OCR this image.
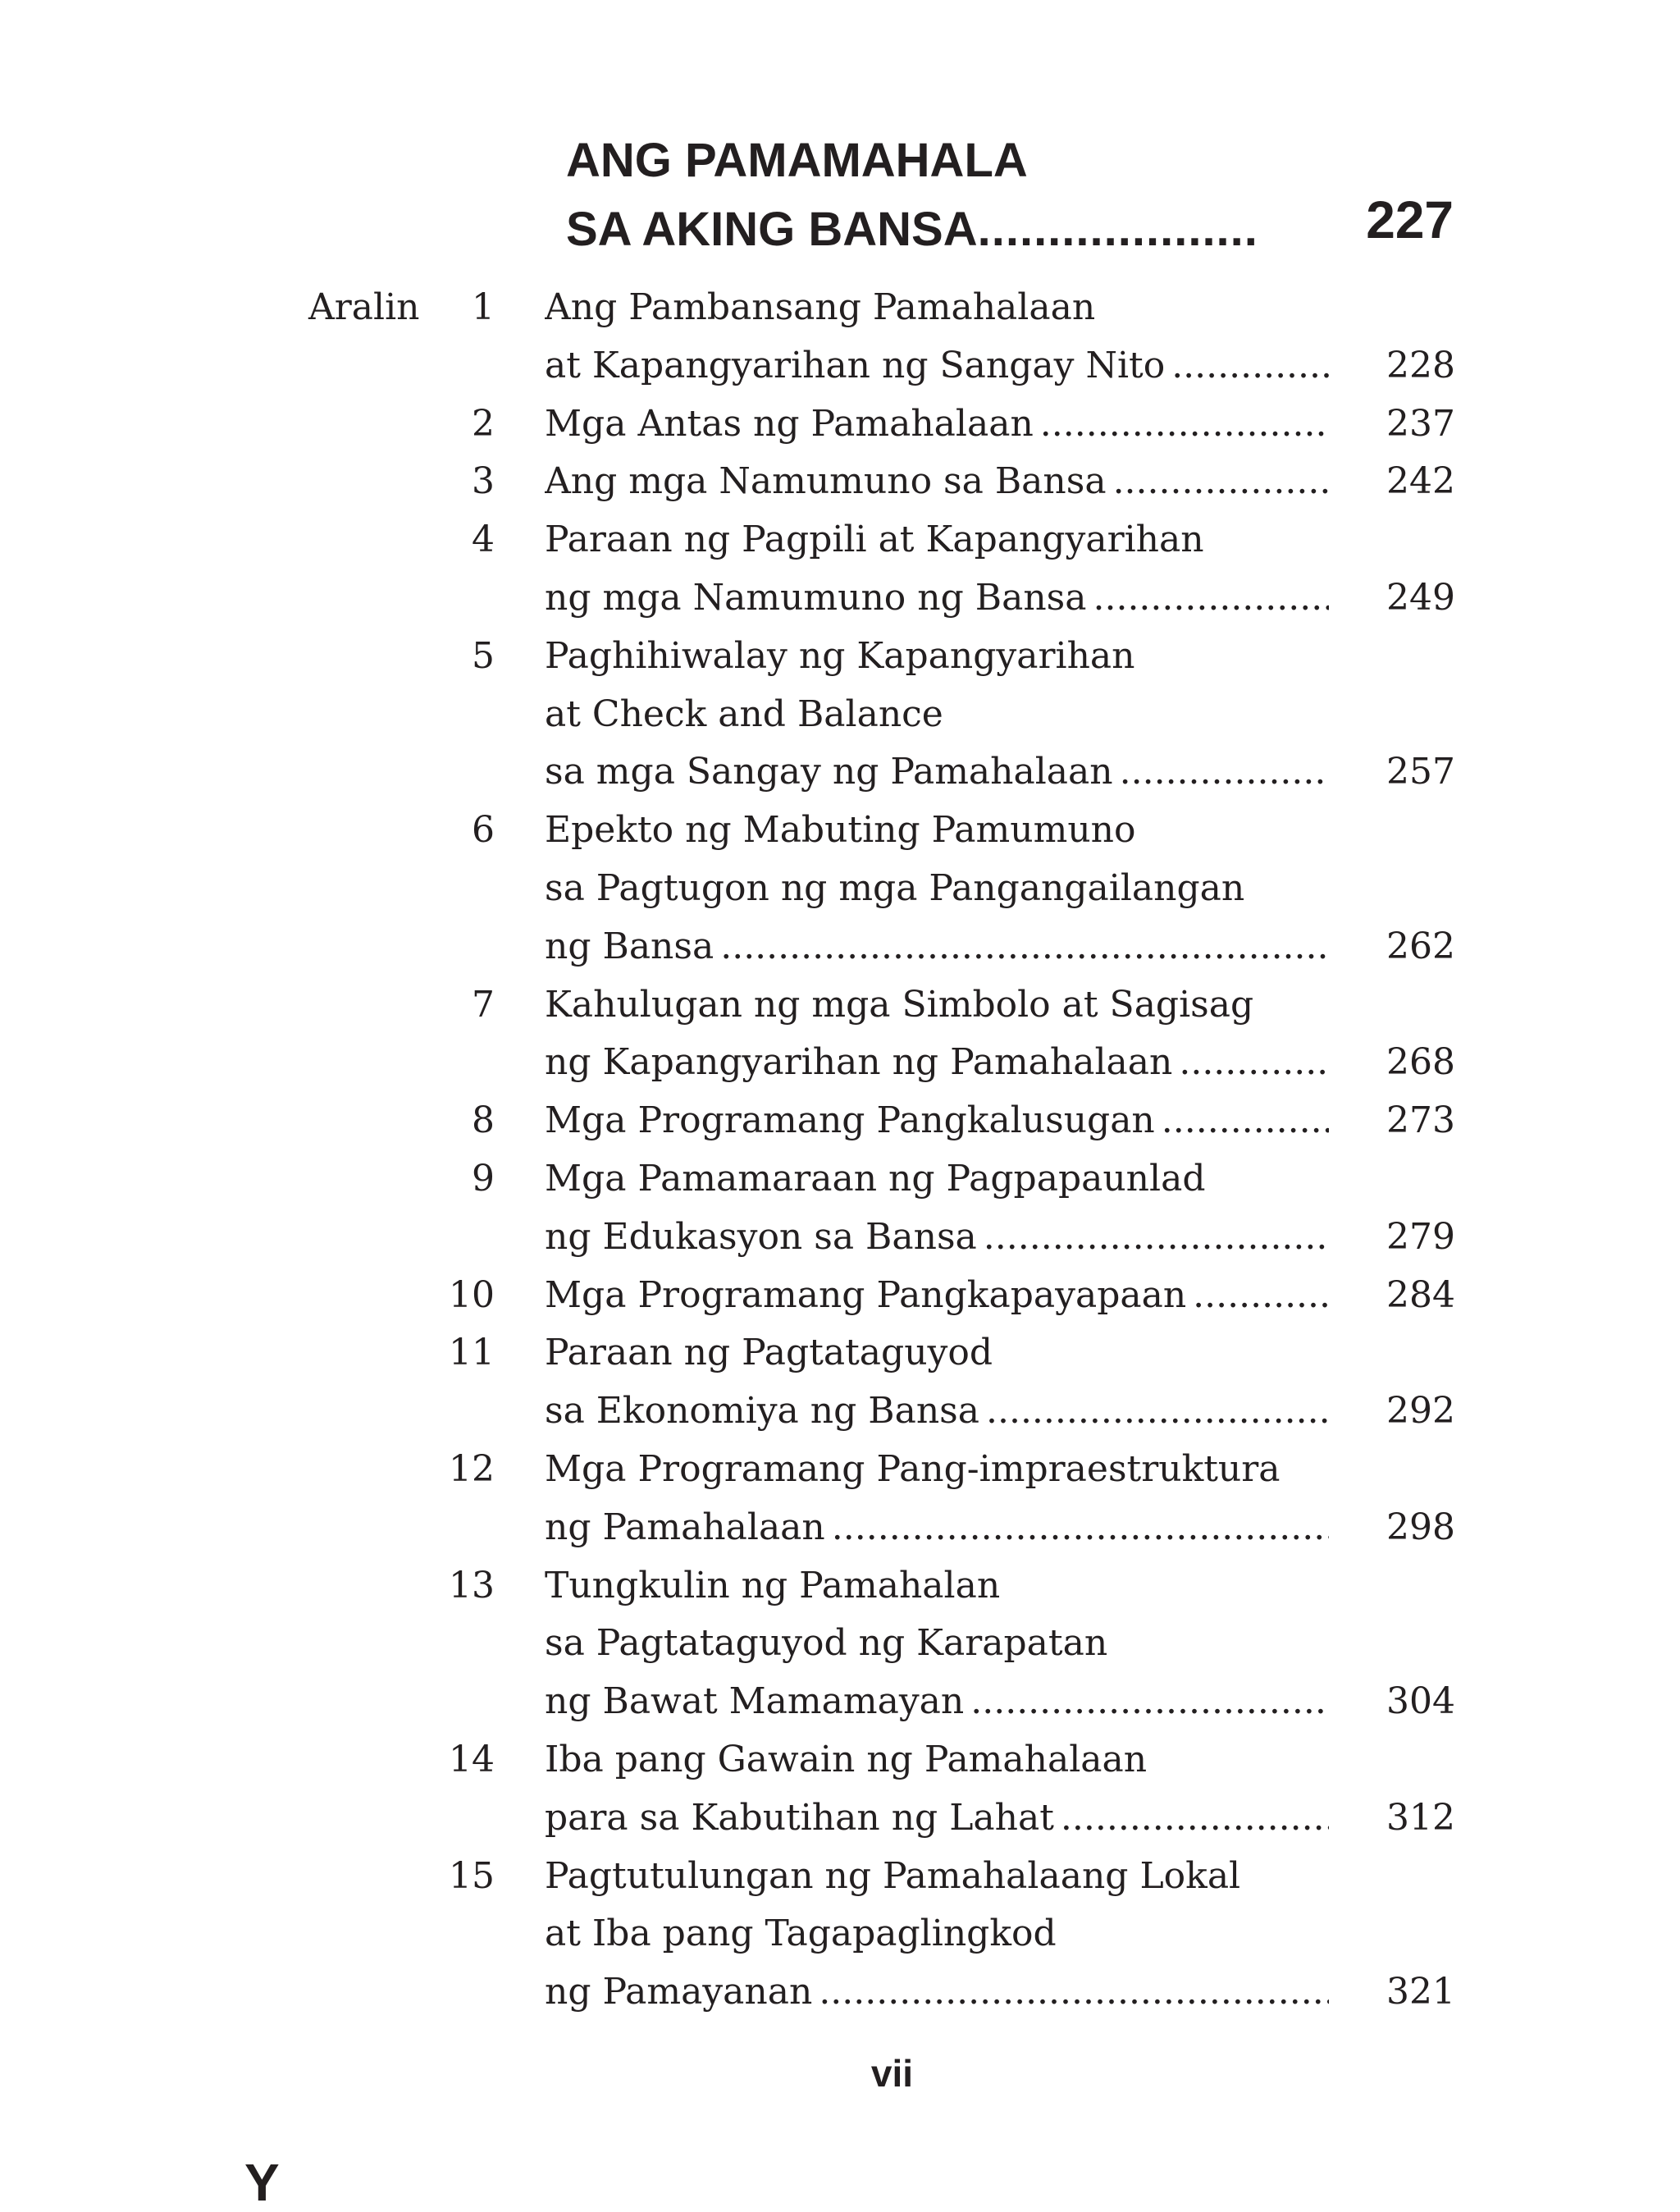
ANG PAMAMAHALA
SA AKING BANSA.................... 227
Aralin 1 Ang Pambansang Pamahalaan
at Kapangyarihan ng Sangay Nito .....	228
2 Mga Antas ng Pamahalaan .....	237
3 Ang mga Namumuno sa Bansa .....	242
4 Paraan ng Pagpili at Kapangyarihan
ng mga Namumuno ng Bansa .....	249
5 Paghihiwalay ng Kapangyarihan
at Check and Balance
sa mga Sangay ng Pamahalaan .....	257
6 Epekto ng Mabuting Pamumuno
sa Pagtugon ng mga Pangangailangan
ng Bansa .....	262
7 Kahulugan ng mga Simbolo at Sagisag
ng Kapangyarihan ng Pamahalaan .....	268
8 Mga Programang Pangkalusugan .....	273
9 Mga Pamamaraan ng Pagpapaunlad
ng Edukasyon sa Bansa .....	279
10 Mga Programang Pangkapayapaan .....	284
11 Paraan ng Pagtataguyod
sa Ekonomiya ng Bansa .....	292
12 Mga Programang Pang-impraestruktura
ng Pamahalaan .....	298
13 Tungkulin ng Pamahalan
sa Pagtataguyod ng Karapatan
ng Bawat Mamamayan .....	304
14 Iba pang Gawain ng Pamahalaan
para sa Kabutihan ng Lahat .....	312
15 Pagtutulungan ng Pamahalaang Lokal
at Iba pang Tagapaglingkod
ng Pamayanan .....	321
vii
Y
